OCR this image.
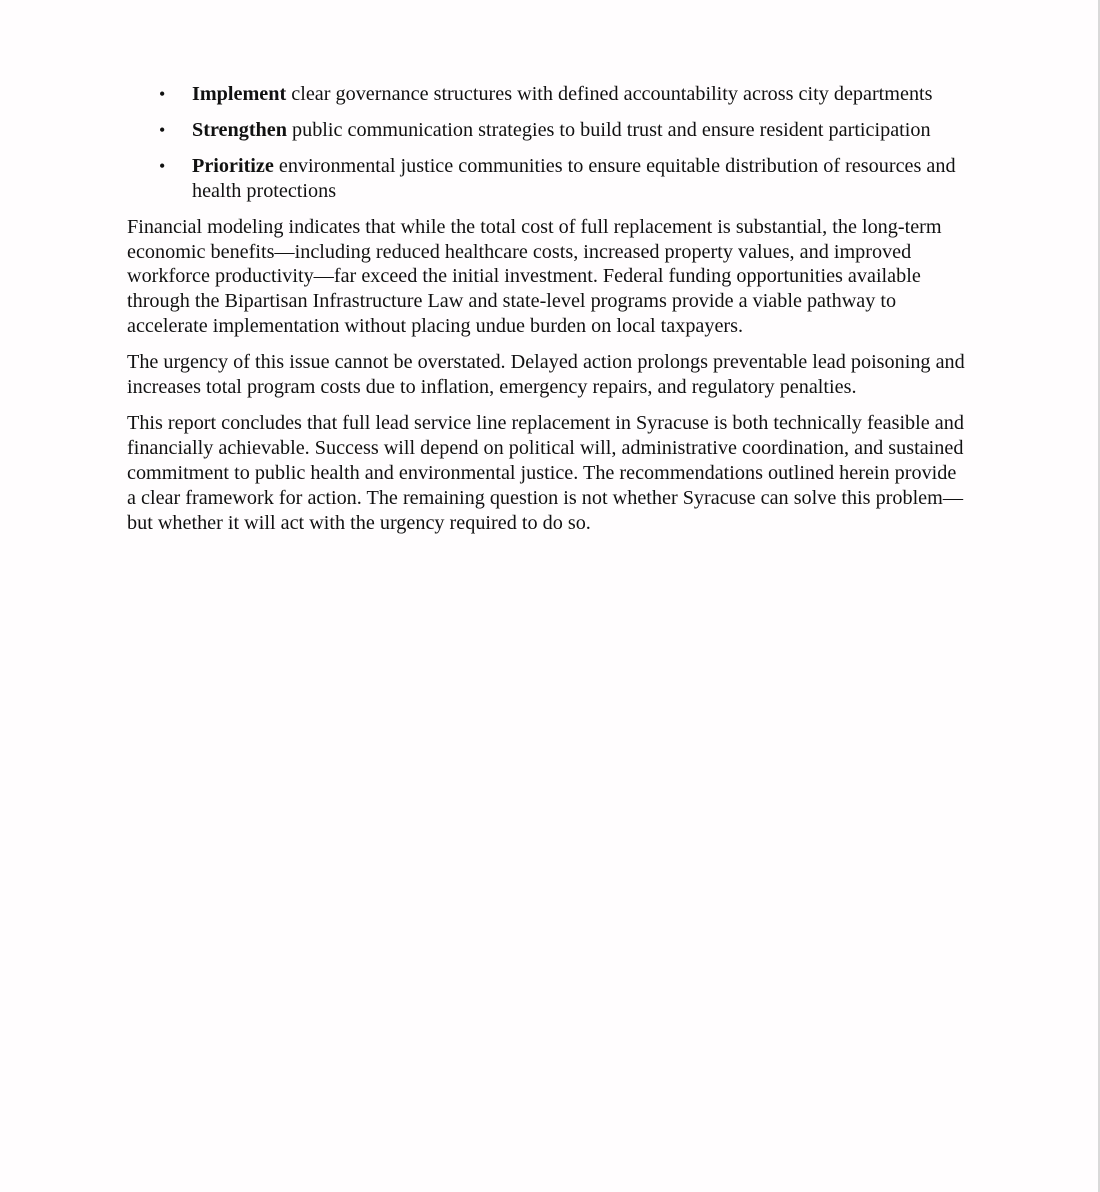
• Implement clear governance structures with defined accountability across city departments
• Strengthen public communication strategies to build trust and ensure resident participation
• Prioritize environmental justice communities to ensure equitable distribution of resources and health protections

Financial modeling indicates that while the total cost of full replacement is substantial, the long-term economic benefits—including reduced healthcare costs, increased property values, and improved workforce productivity—far exceed the initial investment. Federal funding opportunities available through the Bipartisan Infrastructure Law and state-level programs provide a viable pathway to accelerate implementation without placing undue burden on local taxpayers.

The urgency of this issue cannot be overstated. Delayed action prolongs preventable lead poisoning and increases total program costs due to inflation, emergency repairs, and regulatory penalties.

This report concludes that full lead service line replacement in Syracuse is both technically feasible and financially achievable. Success will depend on political will, administrative coordination, and sustained commitment to public health and environmental justice. The recommendations outlined herein provide a clear framework for action. The remaining question is not whether Syracuse can solve this problem—but whether it will act with the urgency required to do so.
